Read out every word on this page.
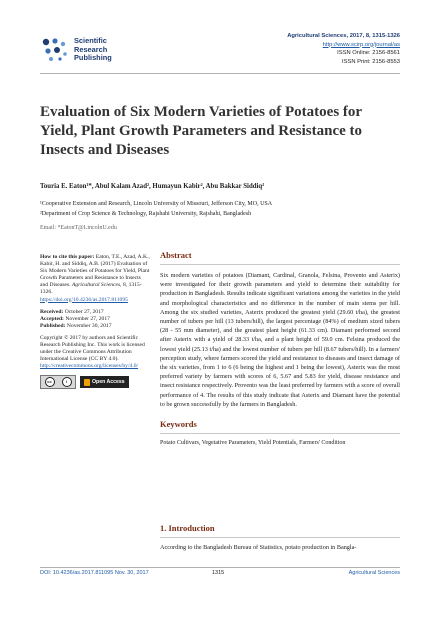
Scientific
Research
Publishing
Agricultural Sciences, 2017, 8, 1315-1326
http://www.scirp.org/journal/as
ISSN Online: 2156-8561
ISSN Print: 2156-8553
Evaluation of Six Modern Varieties of Potatoes for Yield, Plant Growth Parameters and Resistance to Insects and Diseases
Touria E. Eaton¹*, Abul Kalam Azad², Humayun Kabir², Abu Bakkar Siddiq²
¹Cooperative Extension and Research, Lincoln University of Missouri, Jefferson City, MO, USA
²Department of Crop Science & Technology, Rajshahi University, Rajshahi, Bangladesh
Email: *EatonT@LincolnU.edu

How to cite this paper: Eaton, T.E., Azad, A.K., Kabir, H. and Siddiq, A.B. (2017) Evaluation of Six Modern Varieties of Potatoes for Yield, Plant Growth Parameters and Resistance to Insects and Diseases. Agricultural Sciences, 8, 1315-1326.
https://doi.org/10.4236/as.2017.811095

Received: October 27, 2017
Accepted: November 27, 2017
Published: November 30, 2017

Copyright © 2017 by authors and Scientific Research Publishing Inc. This work is licensed under the Creative Commons Attribution International License (CC BY 4.0).
http://creativecommons.org/licenses/by/4.0/

cc	i	Open Access
Abstract

Six modern varieties of potatoes (Diamant, Cardinal, Granola, Felsina, Provento and Asterix) were investigated for their growth parameters and yield to determine their suitability for production in Bangladesh. Results indicate significant variations among the varieties in the yield and morphological characteristics and no difference in the number of main stems per hill. Among the six studied varieties, Asterix produced the greatest yield (29.60 t/ha), the greatest number of tubers per hill (13 tubers/hill), the largest percentage (84%) of medium sized tubers (28 - 55 mm diameter), and the greatest plant height (61.33 cm). Diamant performed second after Asterix with a yield of 28.33 t/ha, and a plant height of 59.0 cm. Felsina produced the lowest yield (25.13 t/ha) and the lowest number of tubers per hill (8.67 tubers/hill). In a farmers' perception study, where farmers scored the yield and resistance to diseases and insect damage of the six varieties, from 1 to 6 (6 being the highest and 1 being the lowest), Asterix was the most preferred variety by farmers with scores of 6, 5.67 and 5.83 for yield, disease resistance and insect resistance respectively. Provento was the least preferred by farmers with a score of overall performance of 4. The results of this study indicate that Asterix and Diamant have the potential to be grown successfully by the farmers in Bangladesh.

Keywords

Potato Cultivars, Vegetative Parameters, Yield Potentials, Farmers' Condition

1. Introduction
According to the Bangladesh Bureau of Statistics, potato production in Bangla-
DOI: 10.4236/as.2017.811095 Nov. 30, 2017	1315	Agricultural Sciences
